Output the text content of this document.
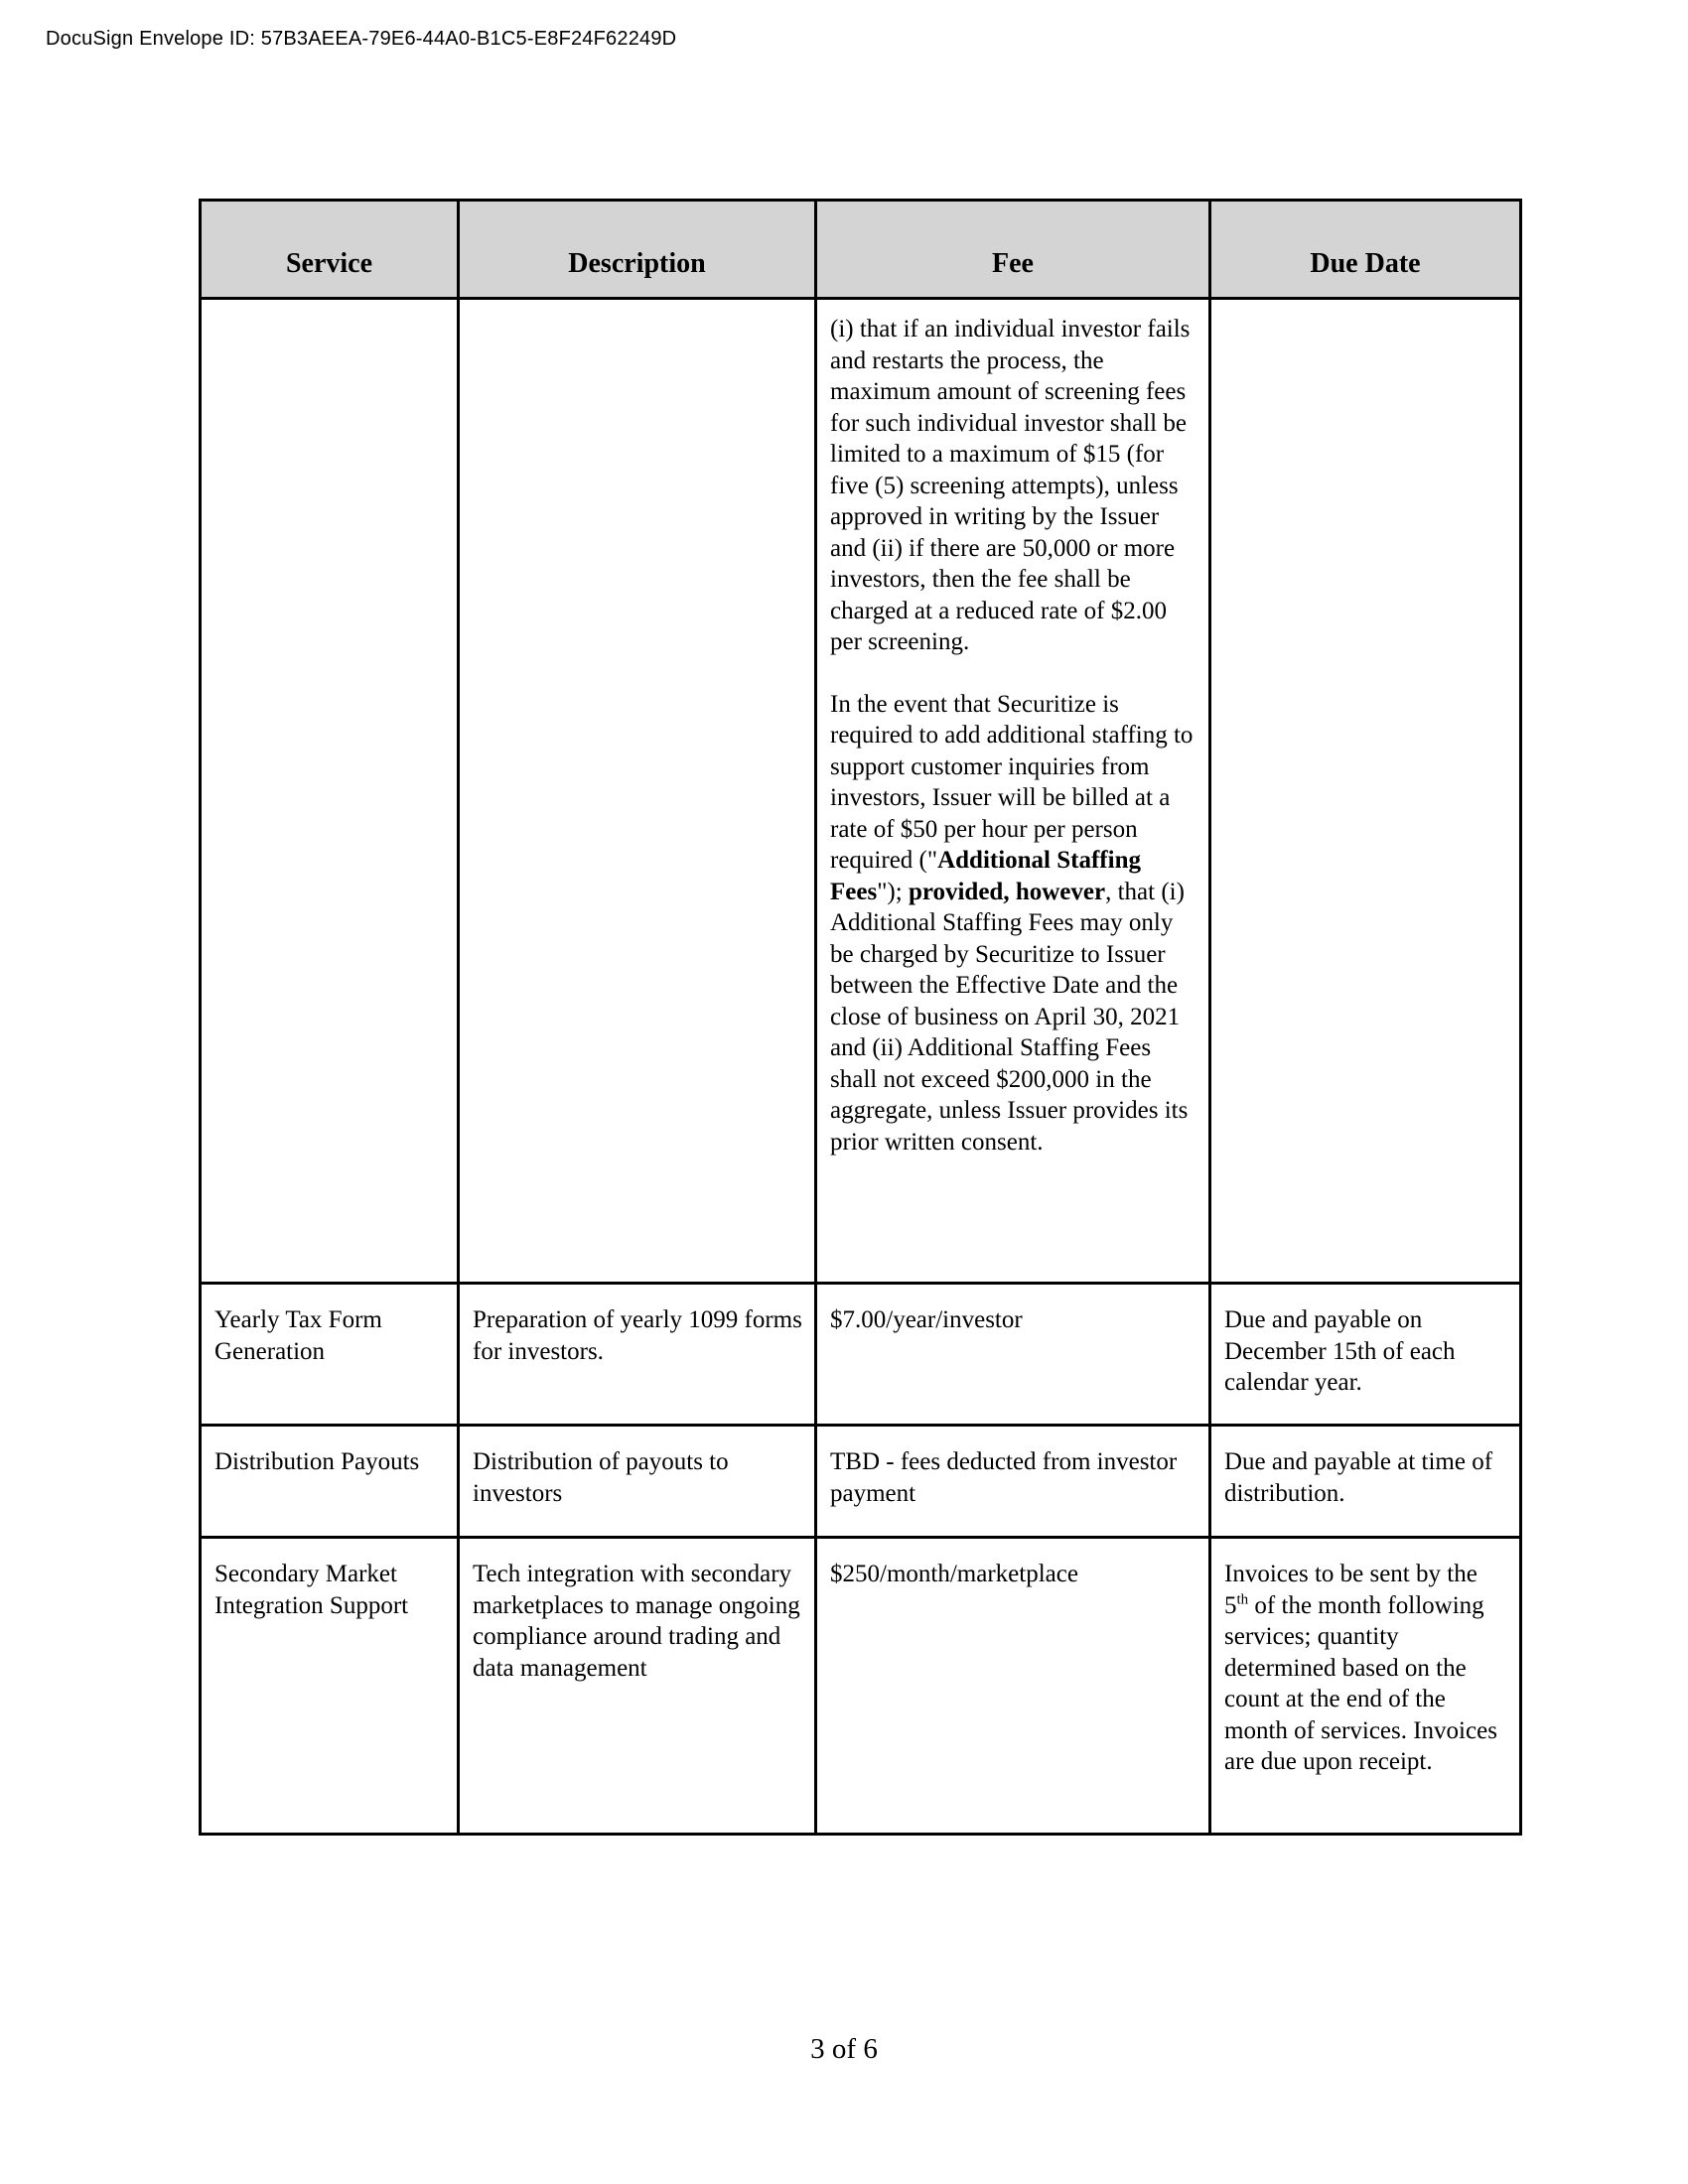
DocuSign Envelope ID: 57B3AEEA-79E6-44A0-B1C5-E8F24F62249D
Service	Description	Fee	Due Date

		(i) that if an individual investor fails and restarts the process, the maximum amount of screening fees for such individual investor shall be limited to a maximum of $15 (for five (5) screening attempts), unless approved in writing by the Issuer and (ii) if there are 50,000 or more investors, then the fee shall be charged at a reduced rate of $2.00 per screening.
In the event that Securitize is required to add additional staffing to support customer inquiries from investors, Issuer will be billed at a rate of $50 per hour per person required ("Additional Staffing Fees"); provided, however, that (i) Additional Staffing Fees may only be charged by Securitize to Issuer between the Effective Date and the close of business on April 30, 2021 and (ii) Additional Staffing Fees shall not exceed $200,000 in the aggregate, unless Issuer provides its prior written consent.	

Yearly Tax Form Generation	Preparation of yearly 1099 forms for investors.	$7.00/year/investor	Due and payable on December 15th of each calendar year.
Distribution Payouts	Distribution of payouts to investors	TBD - fees deducted from investor payment	Due and payable at time of distribution.
Secondary Market Integration Support	Tech integration with secondary marketplaces to manage ongoing compliance around trading and data management	$250/month/marketplace	Invoices to be sent by the 5th of the month following services; quantity determined based on the count at the end of the month of services. Invoices are due upon receipt.
3 of 6
